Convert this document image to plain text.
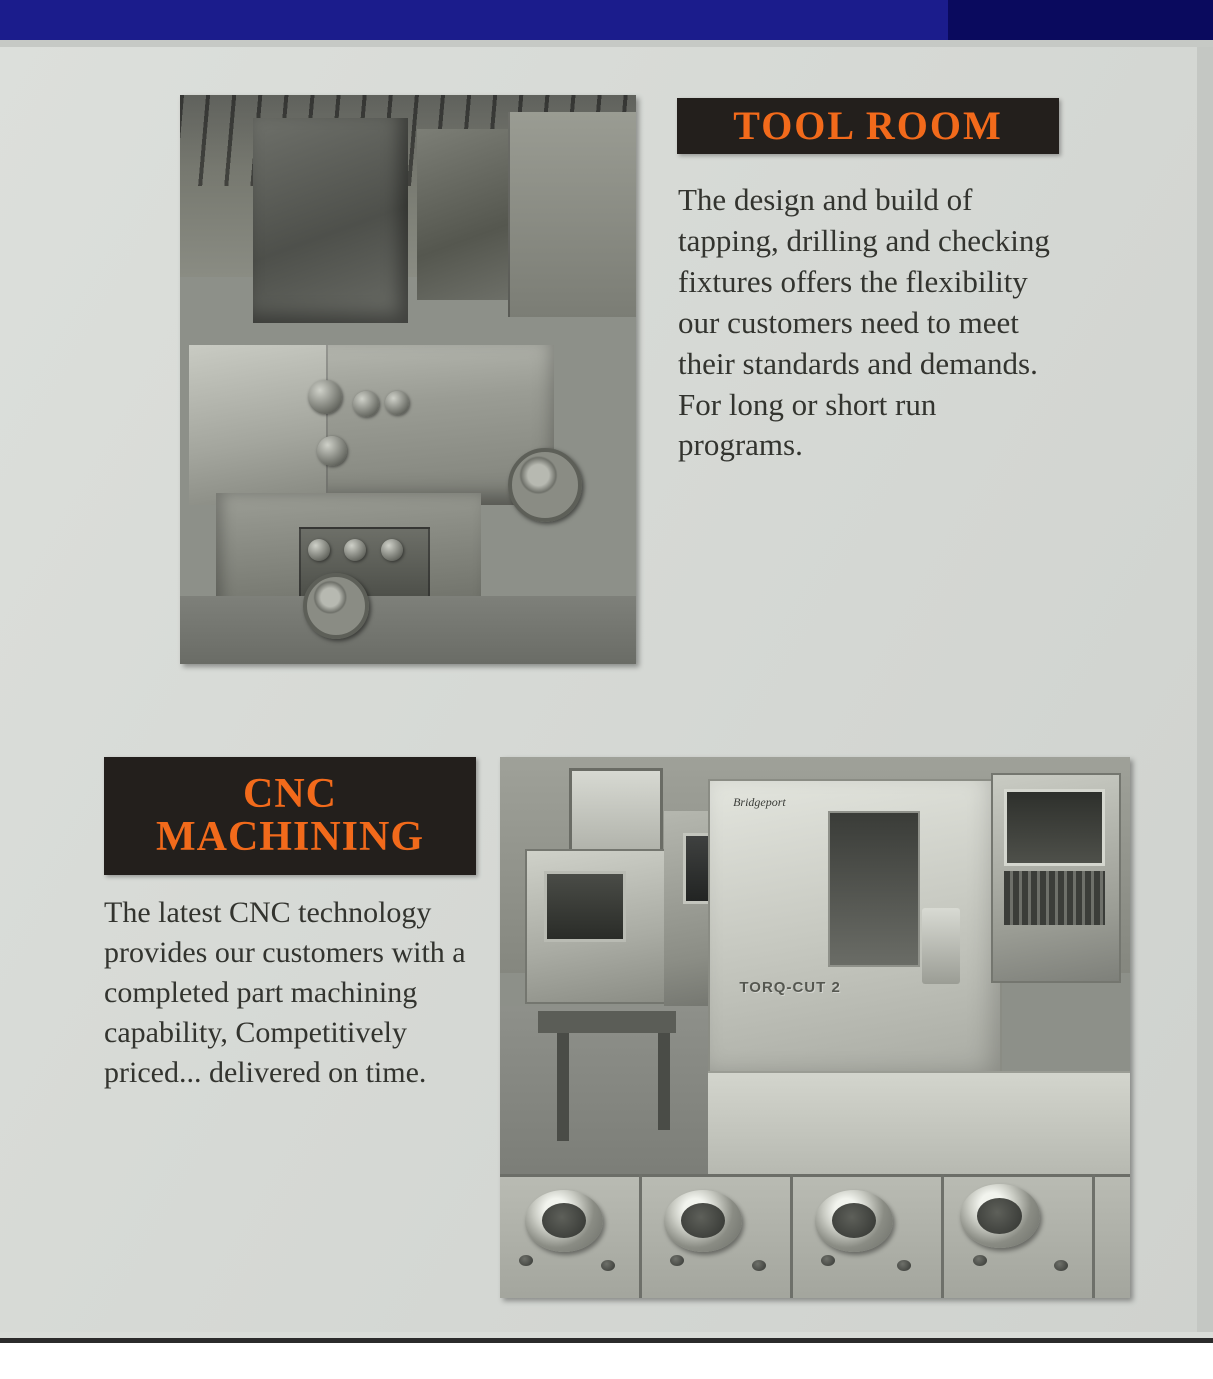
TOOL ROOM
The design and build of tapping, drilling and checking fixtures offers the flexibility our customers need to meet their standards and demands. For long or short run programs.
CNC
MACHINING
The latest CNC technology provides our customers with a completed part machining capability, Competitively priced... delivered on time.
Bridgeport
TORQ-CUT 2
